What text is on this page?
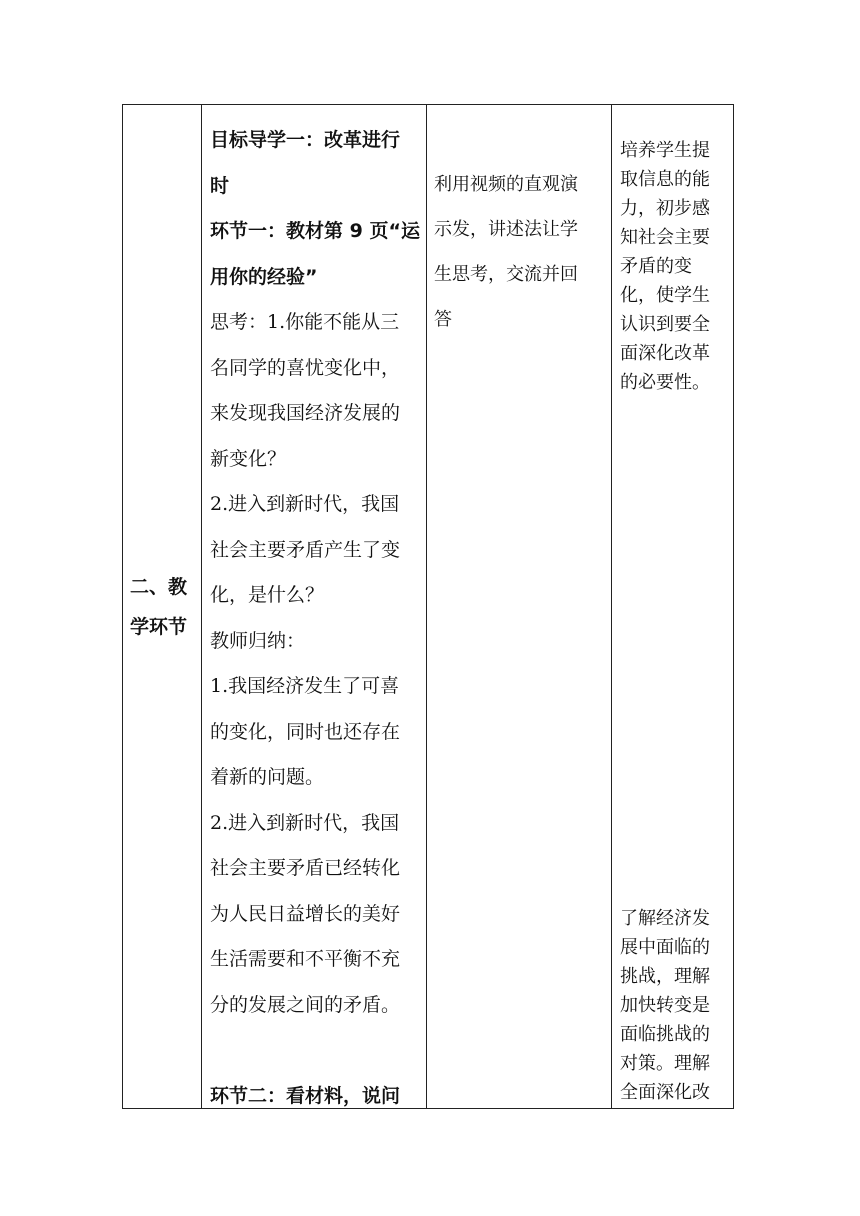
二、教
学环节

目标导学一：改革进行

时

环节一：教材第 9 页“运

用你的经验”

思考：1.你能不能从三

名同学的喜忧变化中，

来发现我国经济发展的

新变化？

2.进入到新时代，我国

社会主要矛盾产生了变

化，是什么？

教师归纳：

1.我国经济发生了可喜

的变化，同时也还存在

着新的问题。

2.进入到新时代，我国

社会主要矛盾已经转化

为人民日益增长的美好

生活需要和不平衡不充

分的发展之间的矛盾。

环节二：看材料，说问

利用视频的直观演

示发，讲述法让学

生思考，交流并回

答

培养学生提

取信息的能

力，初步感

知社会主要

矛盾的变

化，使学生

认识到要全

面深化改革

的必要性。

了解经济发

展中面临的

挑战，理解

加快转变是

面临挑战的

对策。理解

全面深化改
